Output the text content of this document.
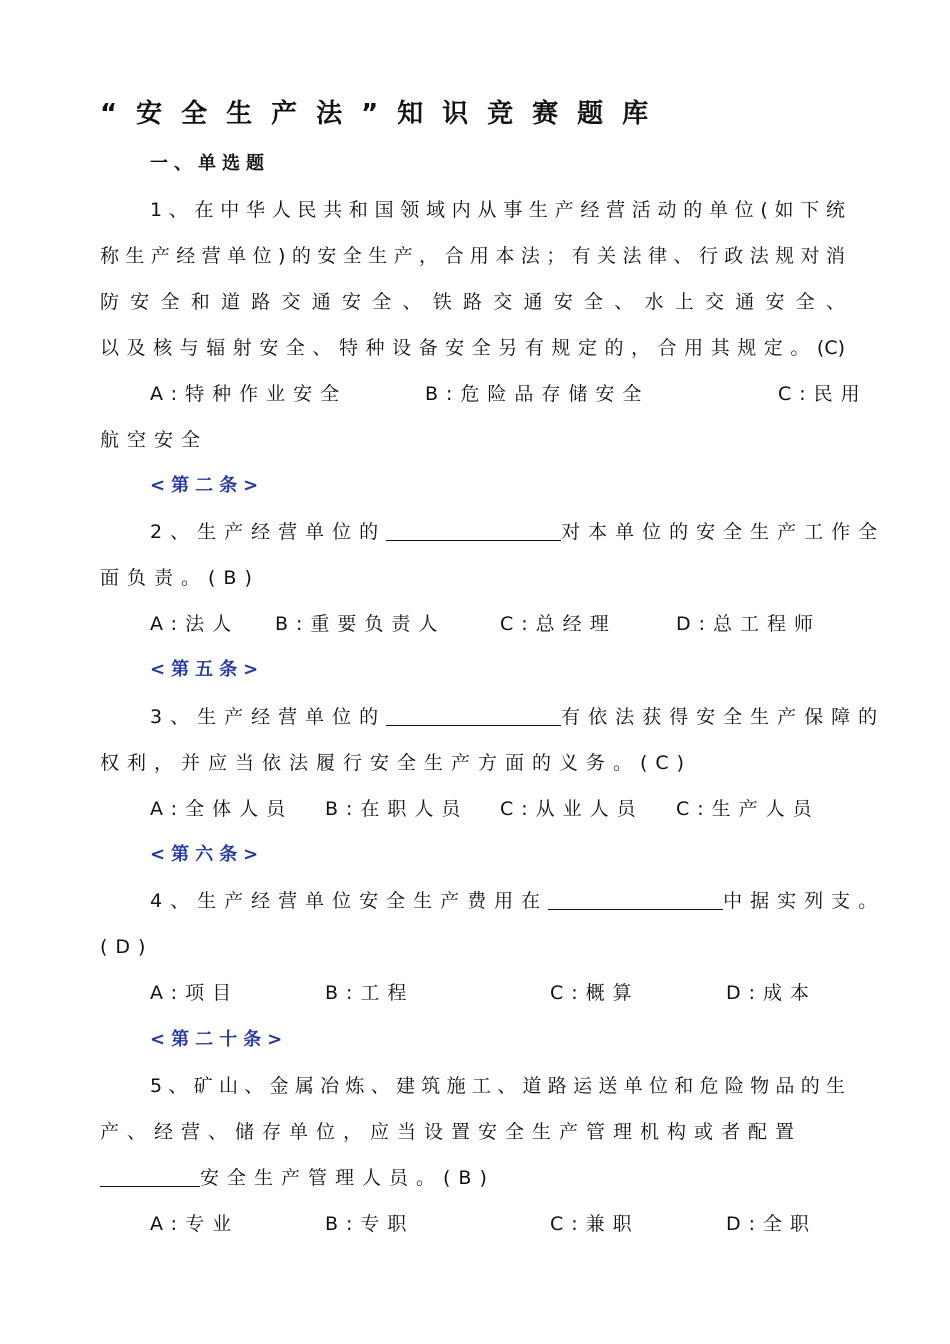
“安全生产法”知识竞赛题库
一、单选题
1、在中华人民共和国领域内从事生产经营活动的单位(如下统
称生产经营单位)的安全生产，合用本法；有关法律、行政法规对消
防安全和道路交通安全、铁路交通安全、水上交通安全、
以及核与辐射安全、特种设备安全另有规定的，合用其规定。(C)
A:特种作业安全	B:危险品存储安全	C:民用
航空安全
<第二条>
2、生产经营单位的	对本单位的安全生产工作全
面负责。(B)
A:法人 B:重要负责人	C:总经理	D:总工程师
<第五条>
3、生产经营单位的	有依法获得安全生产保障的
权利，并应当依法履行安全生产方面的义务。(C)
A:全体人员 B:在职人员 C:从业人员 C:生产人员
<第六条>
4、生产经营单位安全生产费用在	中据实列支。
(D)
A:项目	B:工程	C:概算	D:成本
<第二十条>
5、矿山、金属冶炼、建筑施工、道路运送单位和危险物品的生
产、经营、储存单位，应当设置安全生产管理机构或者配置
安全生产管理人员。(B)
A:专业	B:专职	C:兼职	D:全职
